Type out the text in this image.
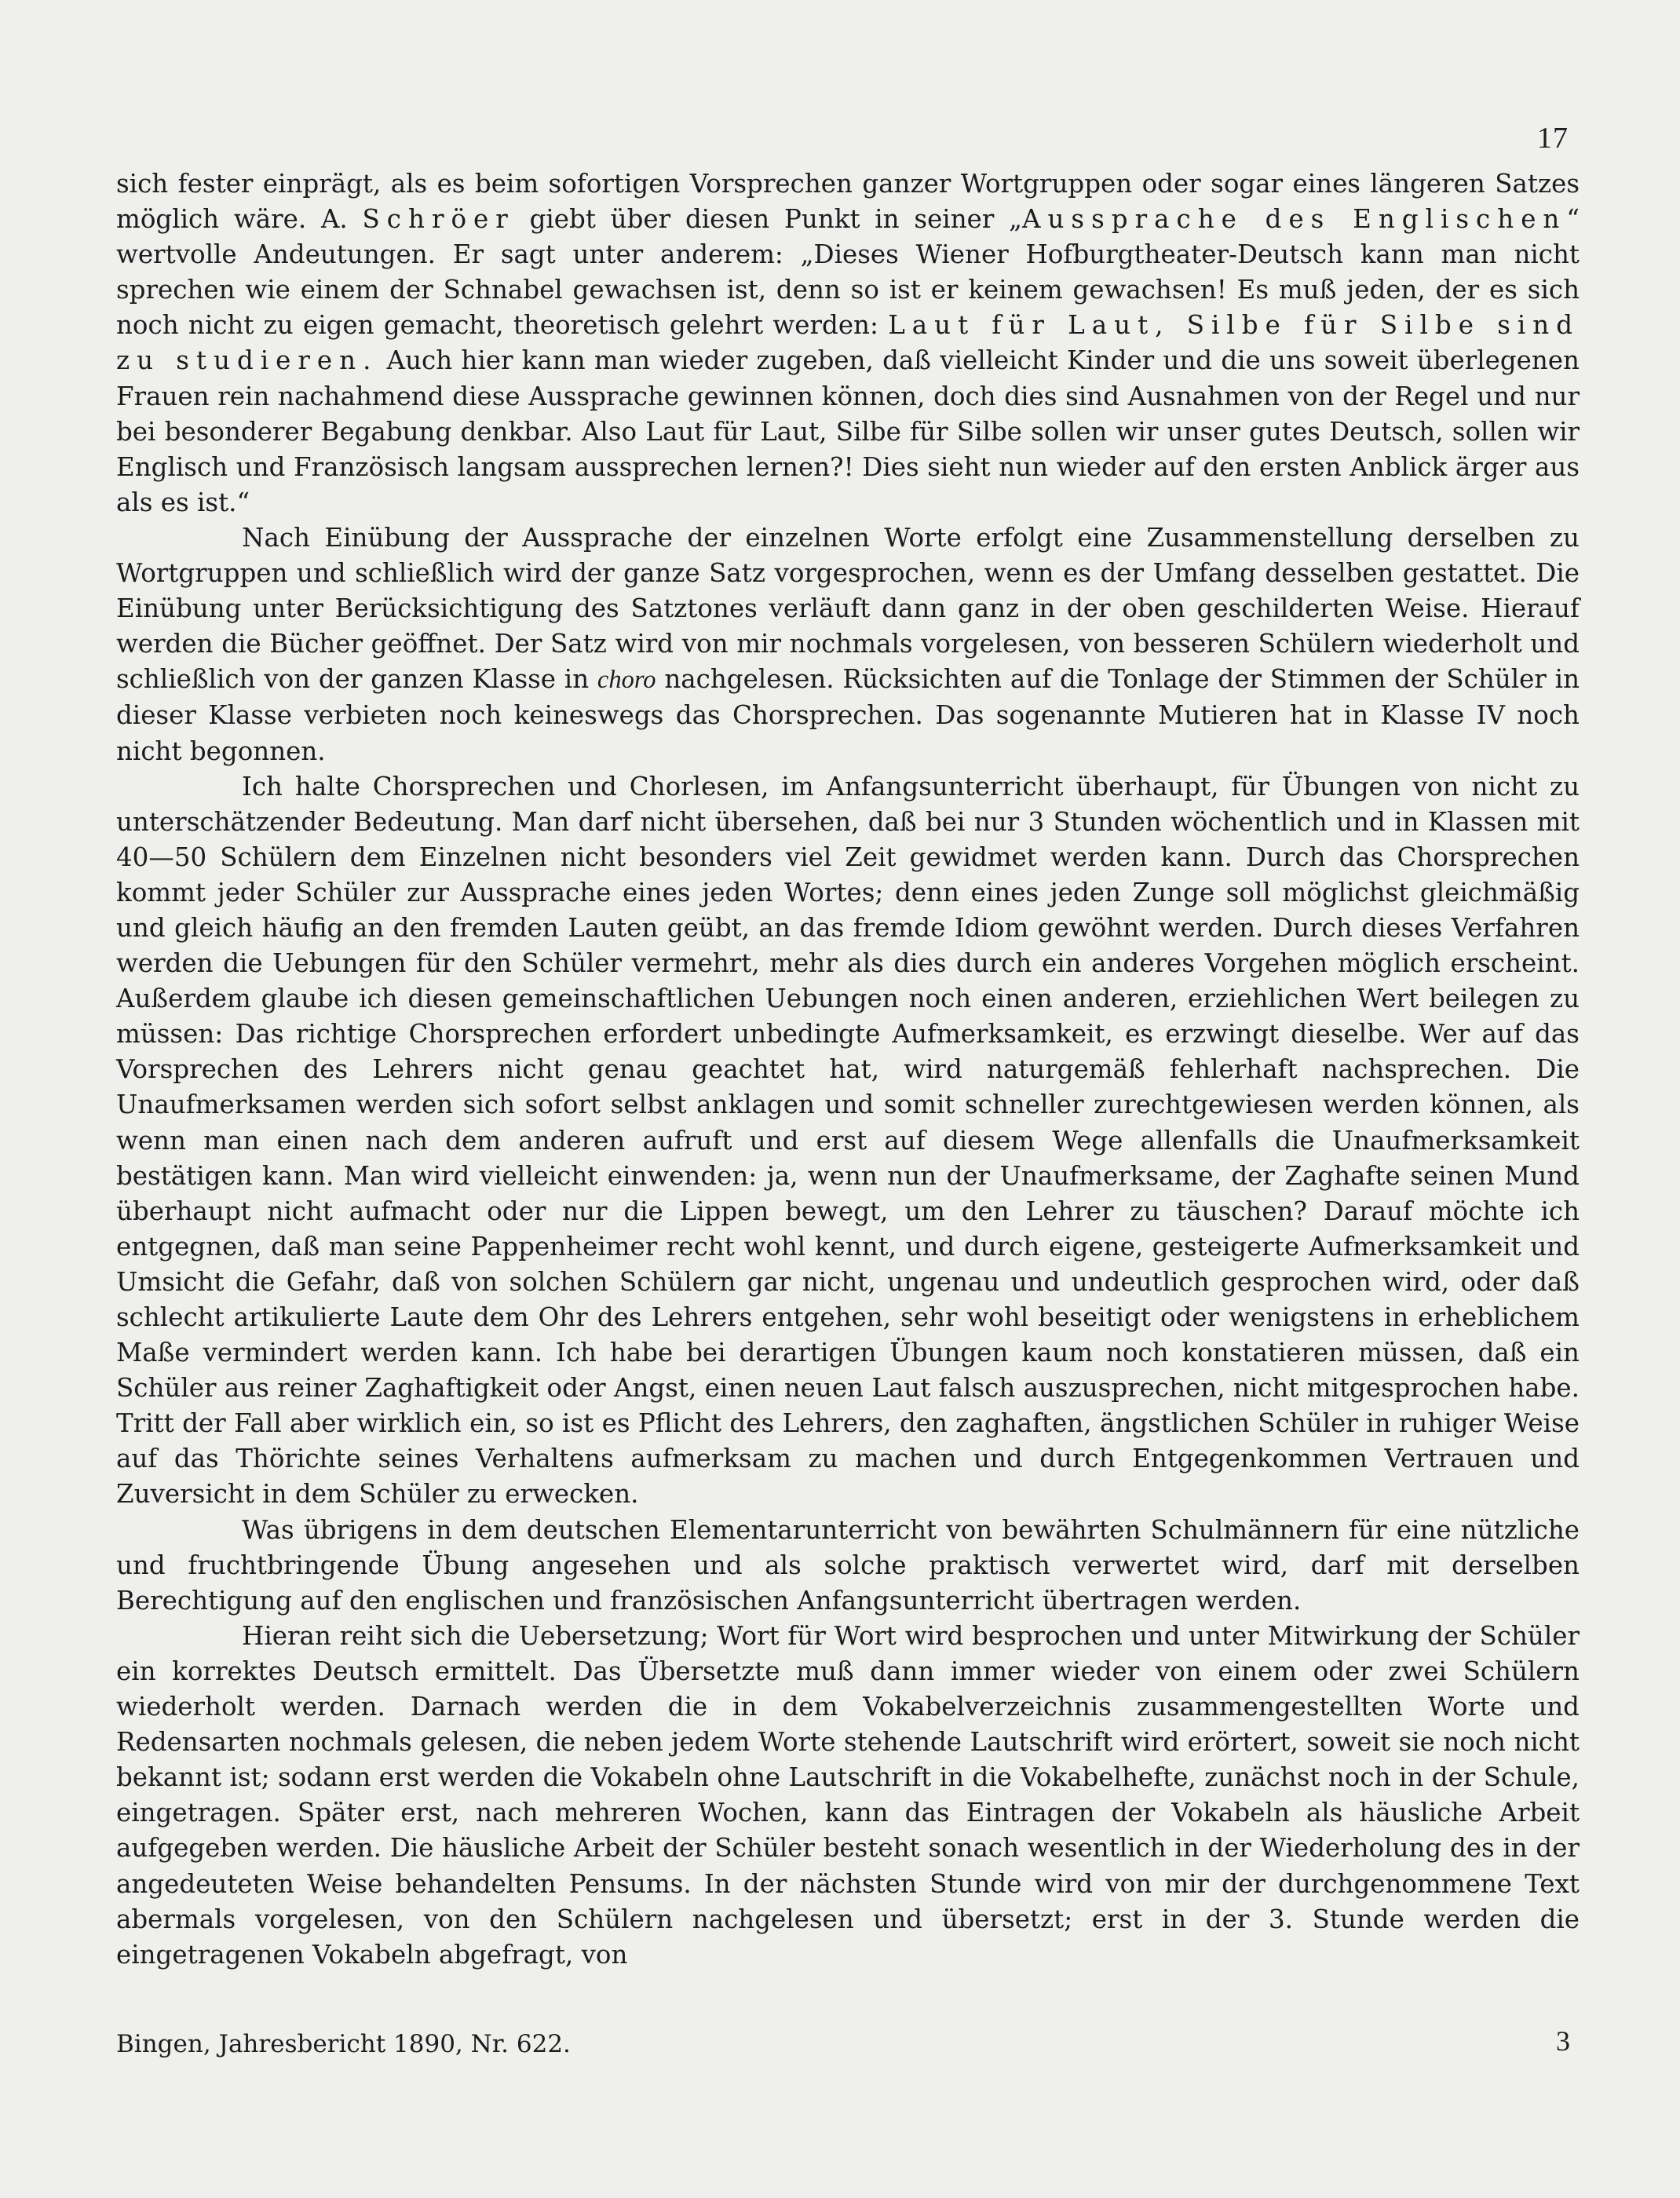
17

sich fester einprägt, als es beim sofortigen Vorsprechen ganzer Wortgruppen oder sogar eines längeren Satzes möglich wäre. A. Schröer giebt über diesen Punkt in seiner „Aussprache des Englischen“ wertvolle Andeutungen. Er sagt unter anderem: „Dieses Wiener Hofburgtheater-Deutsch kann man nicht sprechen wie einem der Schnabel gewachsen ist, denn so ist er keinem gewachsen! Es muß jeden, der es sich noch nicht zu eigen gemacht, theoretisch gelehrt werden: Laut für Laut, Silbe für Silbe sind zu studieren. Auch hier kann man wieder zugeben, daß vielleicht Kinder und die uns soweit überlegenen Frauen rein nachahmend diese Aussprache gewinnen können, doch dies sind Ausnahmen von der Regel und nur bei besonderer Begabung denkbar. Also Laut für Laut, Silbe für Silbe sollen wir unser gutes Deutsch, sollen wir Englisch und Französisch langsam aussprechen lernen?! Dies sieht nun wieder auf den ersten Anblick ärger aus als es ist.“

Nach Einübung der Aussprache der einzelnen Worte erfolgt eine Zusammenstellung derselben zu Wortgruppen und schließlich wird der ganze Satz vorgesprochen, wenn es der Umfang desselben gestattet. Die Einübung unter Berücksichtigung des Satztones verläuft dann ganz in der oben geschilderten Weise. Hierauf werden die Bücher geöffnet. Der Satz wird von mir nochmals vorgelesen, von besseren Schülern wiederholt und schließlich von der ganzen Klasse in choro nachgelesen. Rücksichten auf die Tonlage der Stimmen der Schüler in dieser Klasse verbieten noch keineswegs das Chorsprechen. Das sogenannte Mutieren hat in Klasse IV noch nicht begonnen.

Ich halte Chorsprechen und Chorlesen, im Anfangsunterricht überhaupt, für Übungen von nicht zu unterschätzender Bedeutung. Man darf nicht übersehen, daß bei nur 3 Stunden wöchentlich und in Klassen mit 40—50 Schülern dem Einzelnen nicht besonders viel Zeit gewidmet werden kann. Durch das Chorsprechen kommt jeder Schüler zur Aussprache eines jeden Wortes; denn eines jeden Zunge soll möglichst gleichmäßig und gleich häufig an den fremden Lauten geübt, an das fremde Idiom gewöhnt werden. Durch dieses Verfahren werden die Uebungen für den Schüler vermehrt, mehr als dies durch ein anderes Vorgehen möglich erscheint. Außerdem glaube ich diesen gemeinschaftlichen Uebungen noch einen anderen, erziehlichen Wert beilegen zu müssen: Das richtige Chorsprechen erfordert unbedingte Aufmerksamkeit, es erzwingt dieselbe. Wer auf das Vorsprechen des Lehrers nicht genau geachtet hat, wird naturgemäß fehlerhaft nachsprechen. Die Unaufmerksamen werden sich sofort selbst anklagen und somit schneller zurechtgewiesen werden können, als wenn man einen nach dem anderen aufruft und erst auf diesem Wege allenfalls die Unaufmerksamkeit bestätigen kann. Man wird vielleicht einwenden: ja, wenn nun der Unaufmerksame, der Zaghafte seinen Mund überhaupt nicht aufmacht oder nur die Lippen bewegt, um den Lehrer zu täuschen? Darauf möchte ich entgegnen, daß man seine Pappenheimer recht wohl kennt, und durch eigene, gesteigerte Aufmerksamkeit und Umsicht die Gefahr, daß von solchen Schülern gar nicht, ungenau und undeutlich gesprochen wird, oder daß schlecht artikulierte Laute dem Ohr des Lehrers entgehen, sehr wohl beseitigt oder wenigstens in erheblichem Maße vermindert werden kann. Ich habe bei derartigen Übungen kaum noch konstatieren müssen, daß ein Schüler aus reiner Zaghaftigkeit oder Angst, einen neuen Laut falsch auszusprechen, nicht mitgesprochen habe. Tritt der Fall aber wirklich ein, so ist es Pflicht des Lehrers, den zaghaften, ängstlichen Schüler in ruhiger Weise auf das Thörichte seines Verhaltens aufmerksam zu machen und durch Entgegenkommen Vertrauen und Zuversicht in dem Schüler zu erwecken.

Was übrigens in dem deutschen Elementarunterricht von bewährten Schulmännern für eine nützliche und fruchtbringende Übung angesehen und als solche praktisch verwertet wird, darf mit derselben Berechtigung auf den englischen und französischen Anfangsunterricht übertragen werden.

Hieran reiht sich die Uebersetzung; Wort für Wort wird besprochen und unter Mitwirkung der Schüler ein korrektes Deutsch ermittelt. Das Übersetzte muß dann immer wieder von einem oder zwei Schülern wiederholt werden. Darnach werden die in dem Vokabelverzeichnis zusammengestellten Worte und Redensarten nochmals gelesen, die neben jedem Worte stehende Lautschrift wird erörtert, soweit sie noch nicht bekannt ist; sodann erst werden die Vokabeln ohne Lautschrift in die Vokabelhefte, zunächst noch in der Schule, eingetragen. Später erst, nach mehreren Wochen, kann das Eintragen der Vokabeln als häusliche Arbeit aufgegeben werden. Die häusliche Arbeit der Schüler besteht sonach wesentlich in der Wiederholung des in der angedeuteten Weise behandelten Pensums. In der nächsten Stunde wird von mir der durchgenommene Text abermals vorgelesen, von den Schülern nachgelesen und übersetzt; erst in der 3. Stunde werden die eingetragenen Vokabeln abgefragt, von

Bingen, Jahresbericht 1890, Nr. 622.	3
